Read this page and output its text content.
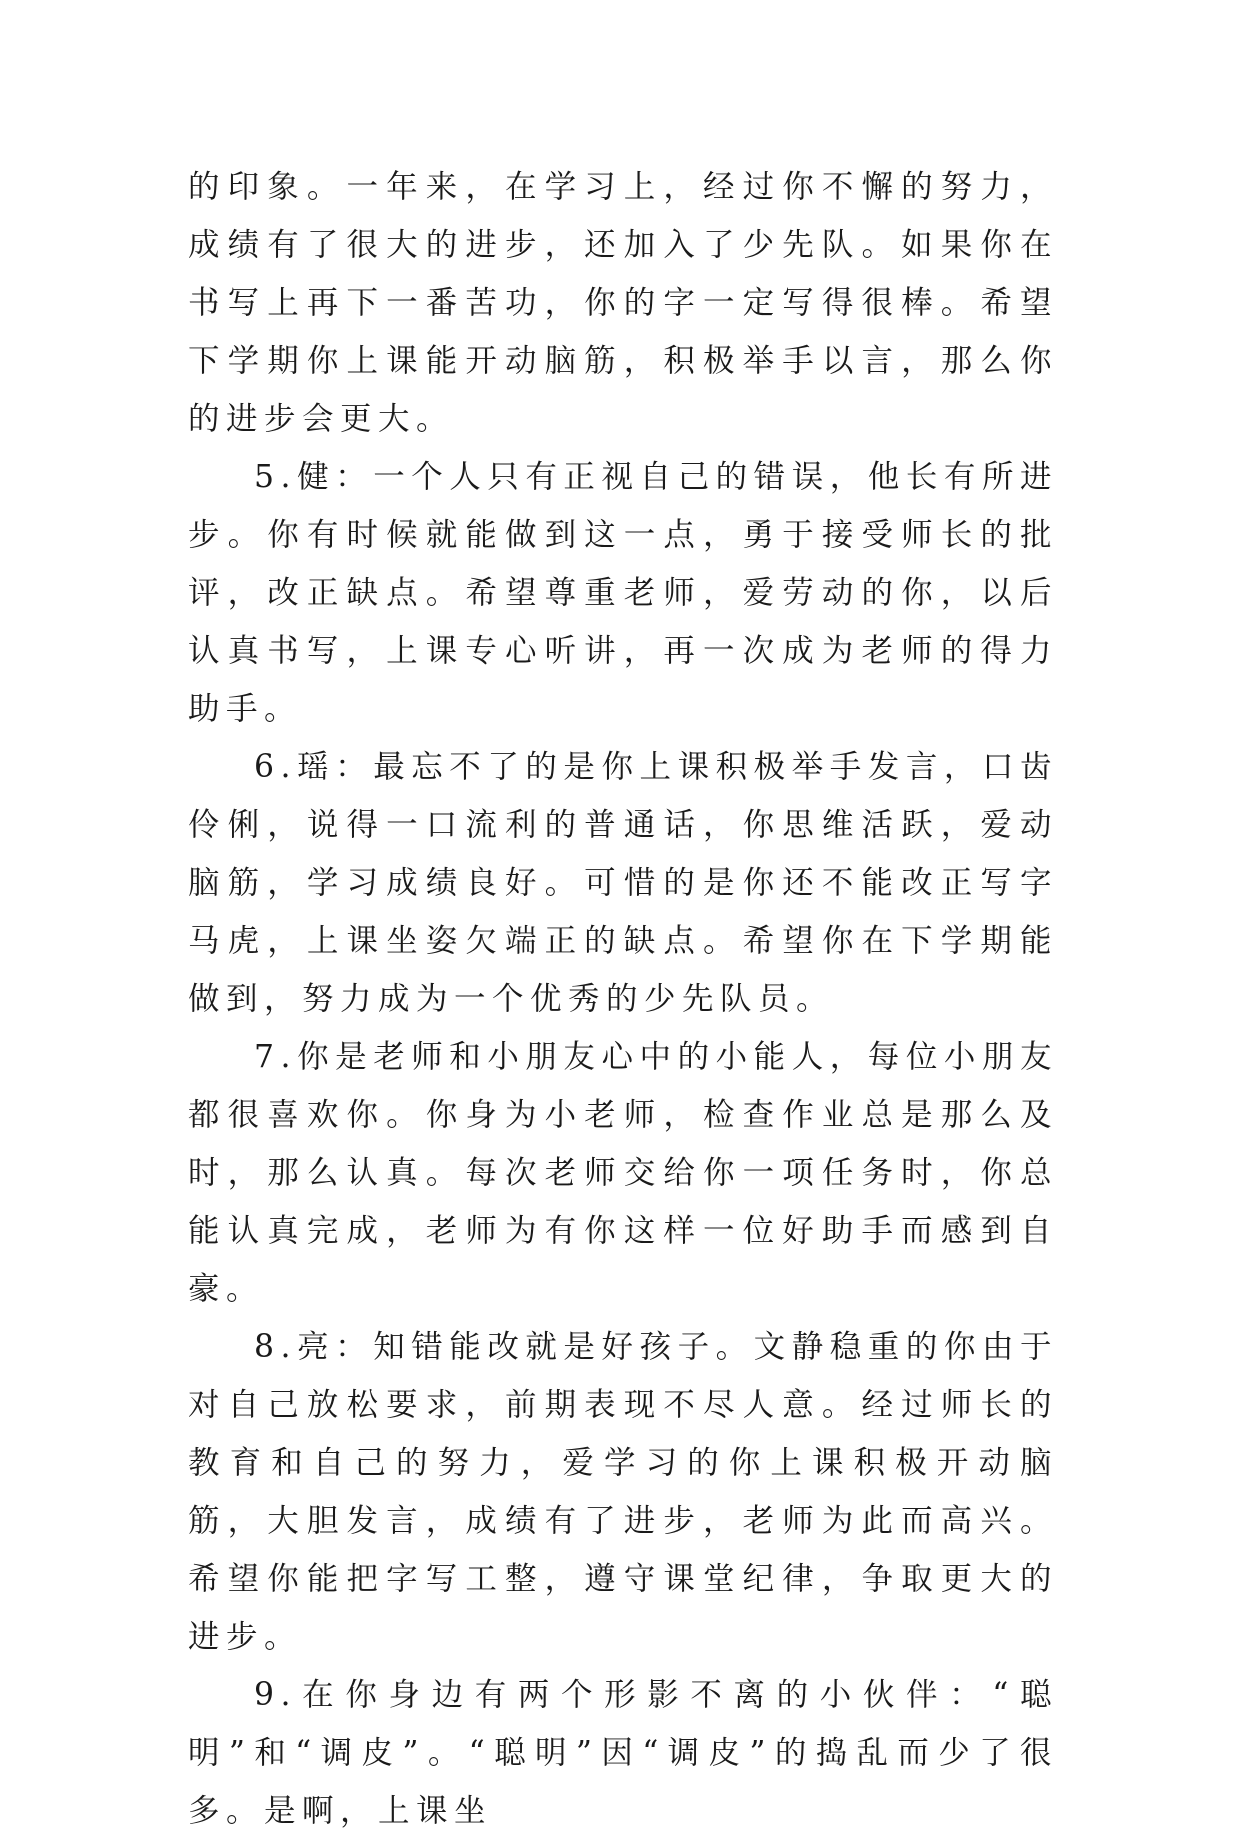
的印象。一年来，在学习上，经过你不懈的努力，成绩有了很大的进步，还加入了少先队。如果你在书写上再下一番苦功，你的字一定写得很棒。希望下学期你上课能开动脑筋，积极举手以言，那么你的进步会更大。

5.健：一个人只有正视自己的错误，他长有所进步。你有时候就能做到这一点，勇于接受师长的批评，改正缺点。希望尊重老师，爱劳动的你，以后认真书写，上课专心听讲，再一次成为老师的得力助手。

6.瑶：最忘不了的是你上课积极举手发言，口齿伶俐，说得一口流利的普通话，你思维活跃，爱动脑筋，学习成绩良好。可惜的是你还不能改正写字马虎，上课坐姿欠端正的缺点。希望你在下学期能做到，努力成为一个优秀的少先队员。

7.你是老师和小朋友心中的小能人，每位小朋友都很喜欢你。你身为小老师，检查作业总是那么及时，那么认真。每次老师交给你一项任务时，你总能认真完成，老师为有你这样一位好助手而感到自豪。

8.亮：知错能改就是好孩子。文静稳重的你由于对自己放松要求，前期表现不尽人意。经过师长的教育和自己的努力，爱学习的你上课积极开动脑筋，大胆发言，成绩有了进步，老师为此而高兴。希望你能把字写工整，遵守课堂纪律，争取更大的进步。

9.在你身边有两个形影不离的小伙伴：“聪明”和“调皮”。“聪明”因“调皮”的捣乱而少了很多。是啊，上课坐
